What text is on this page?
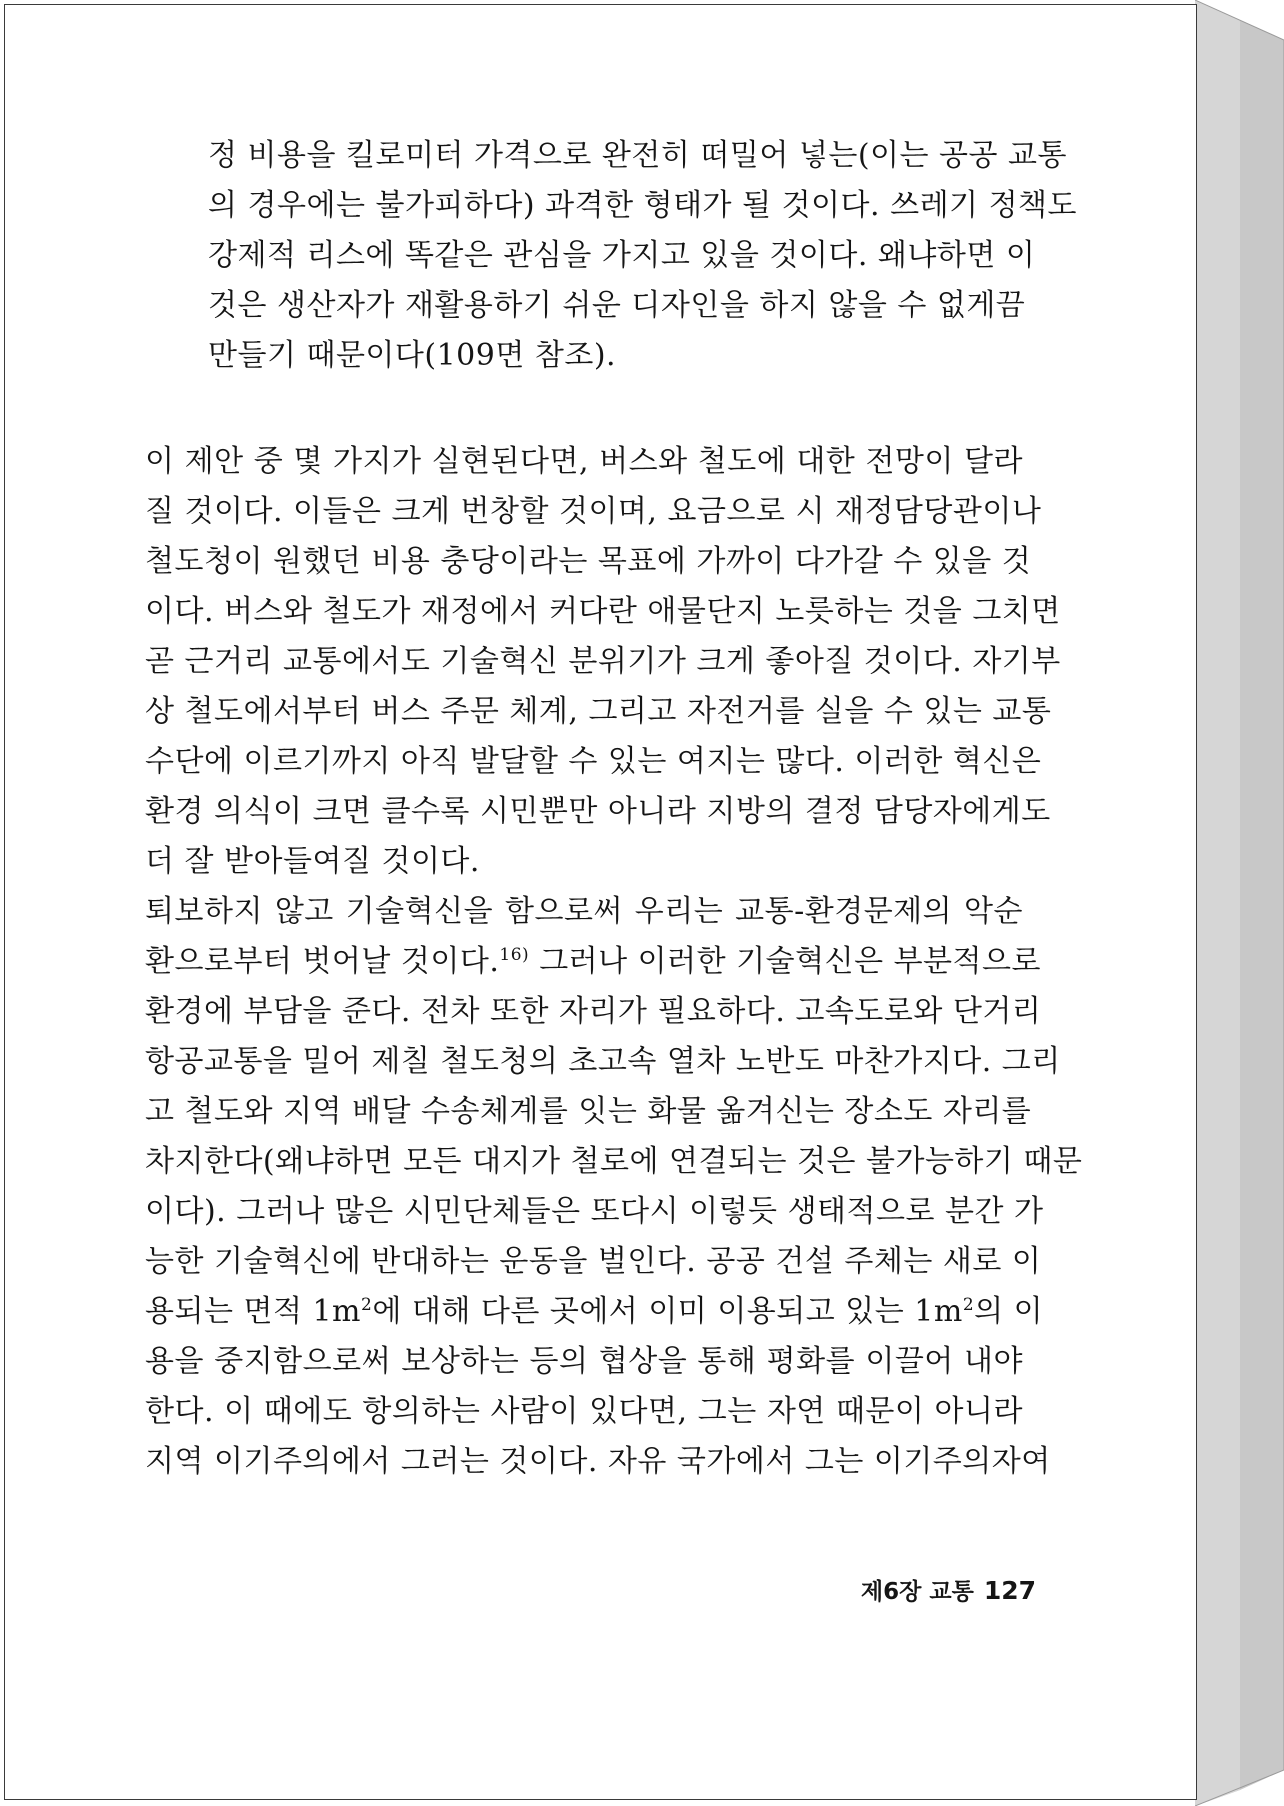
정 비용을 킬로미터 가격으로 완전히 떠밀어 넣는(이는 공공 교통
의 경우에는 불가피하다) 과격한 형태가 될 것이다. 쓰레기 정책도
강제적 리스에 똑같은 관심을 가지고 있을 것이다. 왜냐하면 이
것은 생산자가 재활용하기 쉬운 디자인을 하지 않을 수 없게끔
만들기 때문이다(109면 참조).
이 제안 중 몇 가지가 실현된다면, 버스와 철도에 대한 전망이 달라
질 것이다. 이들은 크게 번창할 것이며, 요금으로 시 재정담당관이나
철도청이 원했던 비용 충당이라는 목표에 가까이 다가갈 수 있을 것
이다. 버스와 철도가 재정에서 커다란 애물단지 노릇하는 것을 그치면
곧 근거리 교통에서도 기술혁신 분위기가 크게 좋아질 것이다. 자기부
상 철도에서부터 버스 주문 체계, 그리고 자전거를 실을 수 있는 교통
수단에 이르기까지 아직 발달할 수 있는 여지는 많다. 이러한 혁신은
환경 의식이 크면 클수록 시민뿐만 아니라 지방의 결정 담당자에게도
더 잘 받아들여질 것이다.
퇴보하지 않고 기술혁신을 함으로써 우리는 교통-환경문제의 악순
환으로부터 벗어날 것이다.$^{16)}$ 그러나 이러한 기술혁신은 부분적으로
환경에 부담을 준다. 전차 또한 자리가 필요하다. 고속도로와 단거리
항공교통을 밀어 제칠 철도청의 초고속 열차 노반도 마찬가지다. 그리
고 철도와 지역 배달 수송체계를 잇는 화물 옮겨신는 장소도 자리를
차지한다(왜냐하면 모든 대지가 철로에 연결되는 것은 불가능하기 때문
이다). 그러나 많은 시민단체들은 또다시 이렇듯 생태적으로 분간 가
능한 기술혁신에 반대하는 운동을 벌인다. 공공 건설 주체는 새로 이
용되는 면적 $1m^2$에 대해 다른 곳에서 이미 이용되고 있는 $1m^2$의 이
용을 중지함으로써 보상하는 등의 협상을 통해 평화를 이끌어 내야
한다. 이 때에도 항의하는 사람이 있다면, 그는 자연 때문이 아니라
지역 이기주의에서 그러는 것이다. 자유 국가에서 그는 이기주의자여
제6장 교통 127
